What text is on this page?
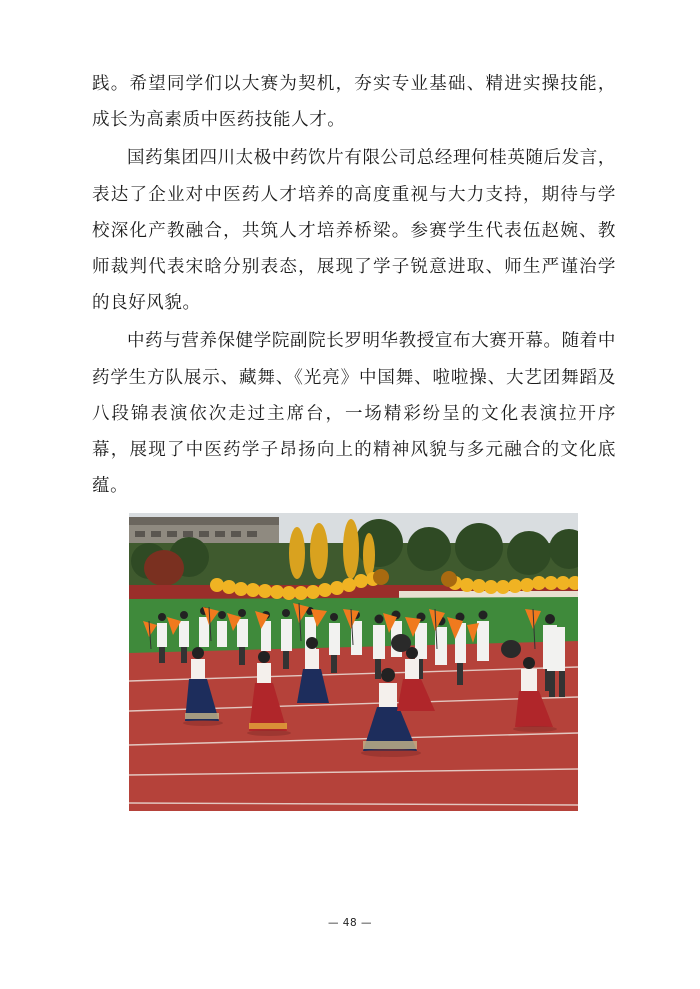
践。希望同学们以大赛为契机，夯实专业基础、精进实操技能，成长为高素质中医药技能人才。

国药集团四川太极中药饮片有限公司总经理何桂英随后发言，表达了企业对中医药人才培养的高度重视与大力支持，期待与学校深化产教融合，共筑人才培养桥梁。参赛学生代表伍赵婉、教师裁判代表宋晗分别表态，展现了学子锐意进取、师生严谨治学的良好风貌。

中药与营养保健学院副院长罗明华教授宣布大赛开幕。随着中药学生方队展示、藏舞、《光亮》中国舞、啦啦操、大艺团舞蹈及八段锦表演依次走过主席台，一场精彩纷呈的文化表演拉开序幕，展现了中医药学子昂扬向上的精神风貌与多元融合的文化底蕴。

— 48 —
